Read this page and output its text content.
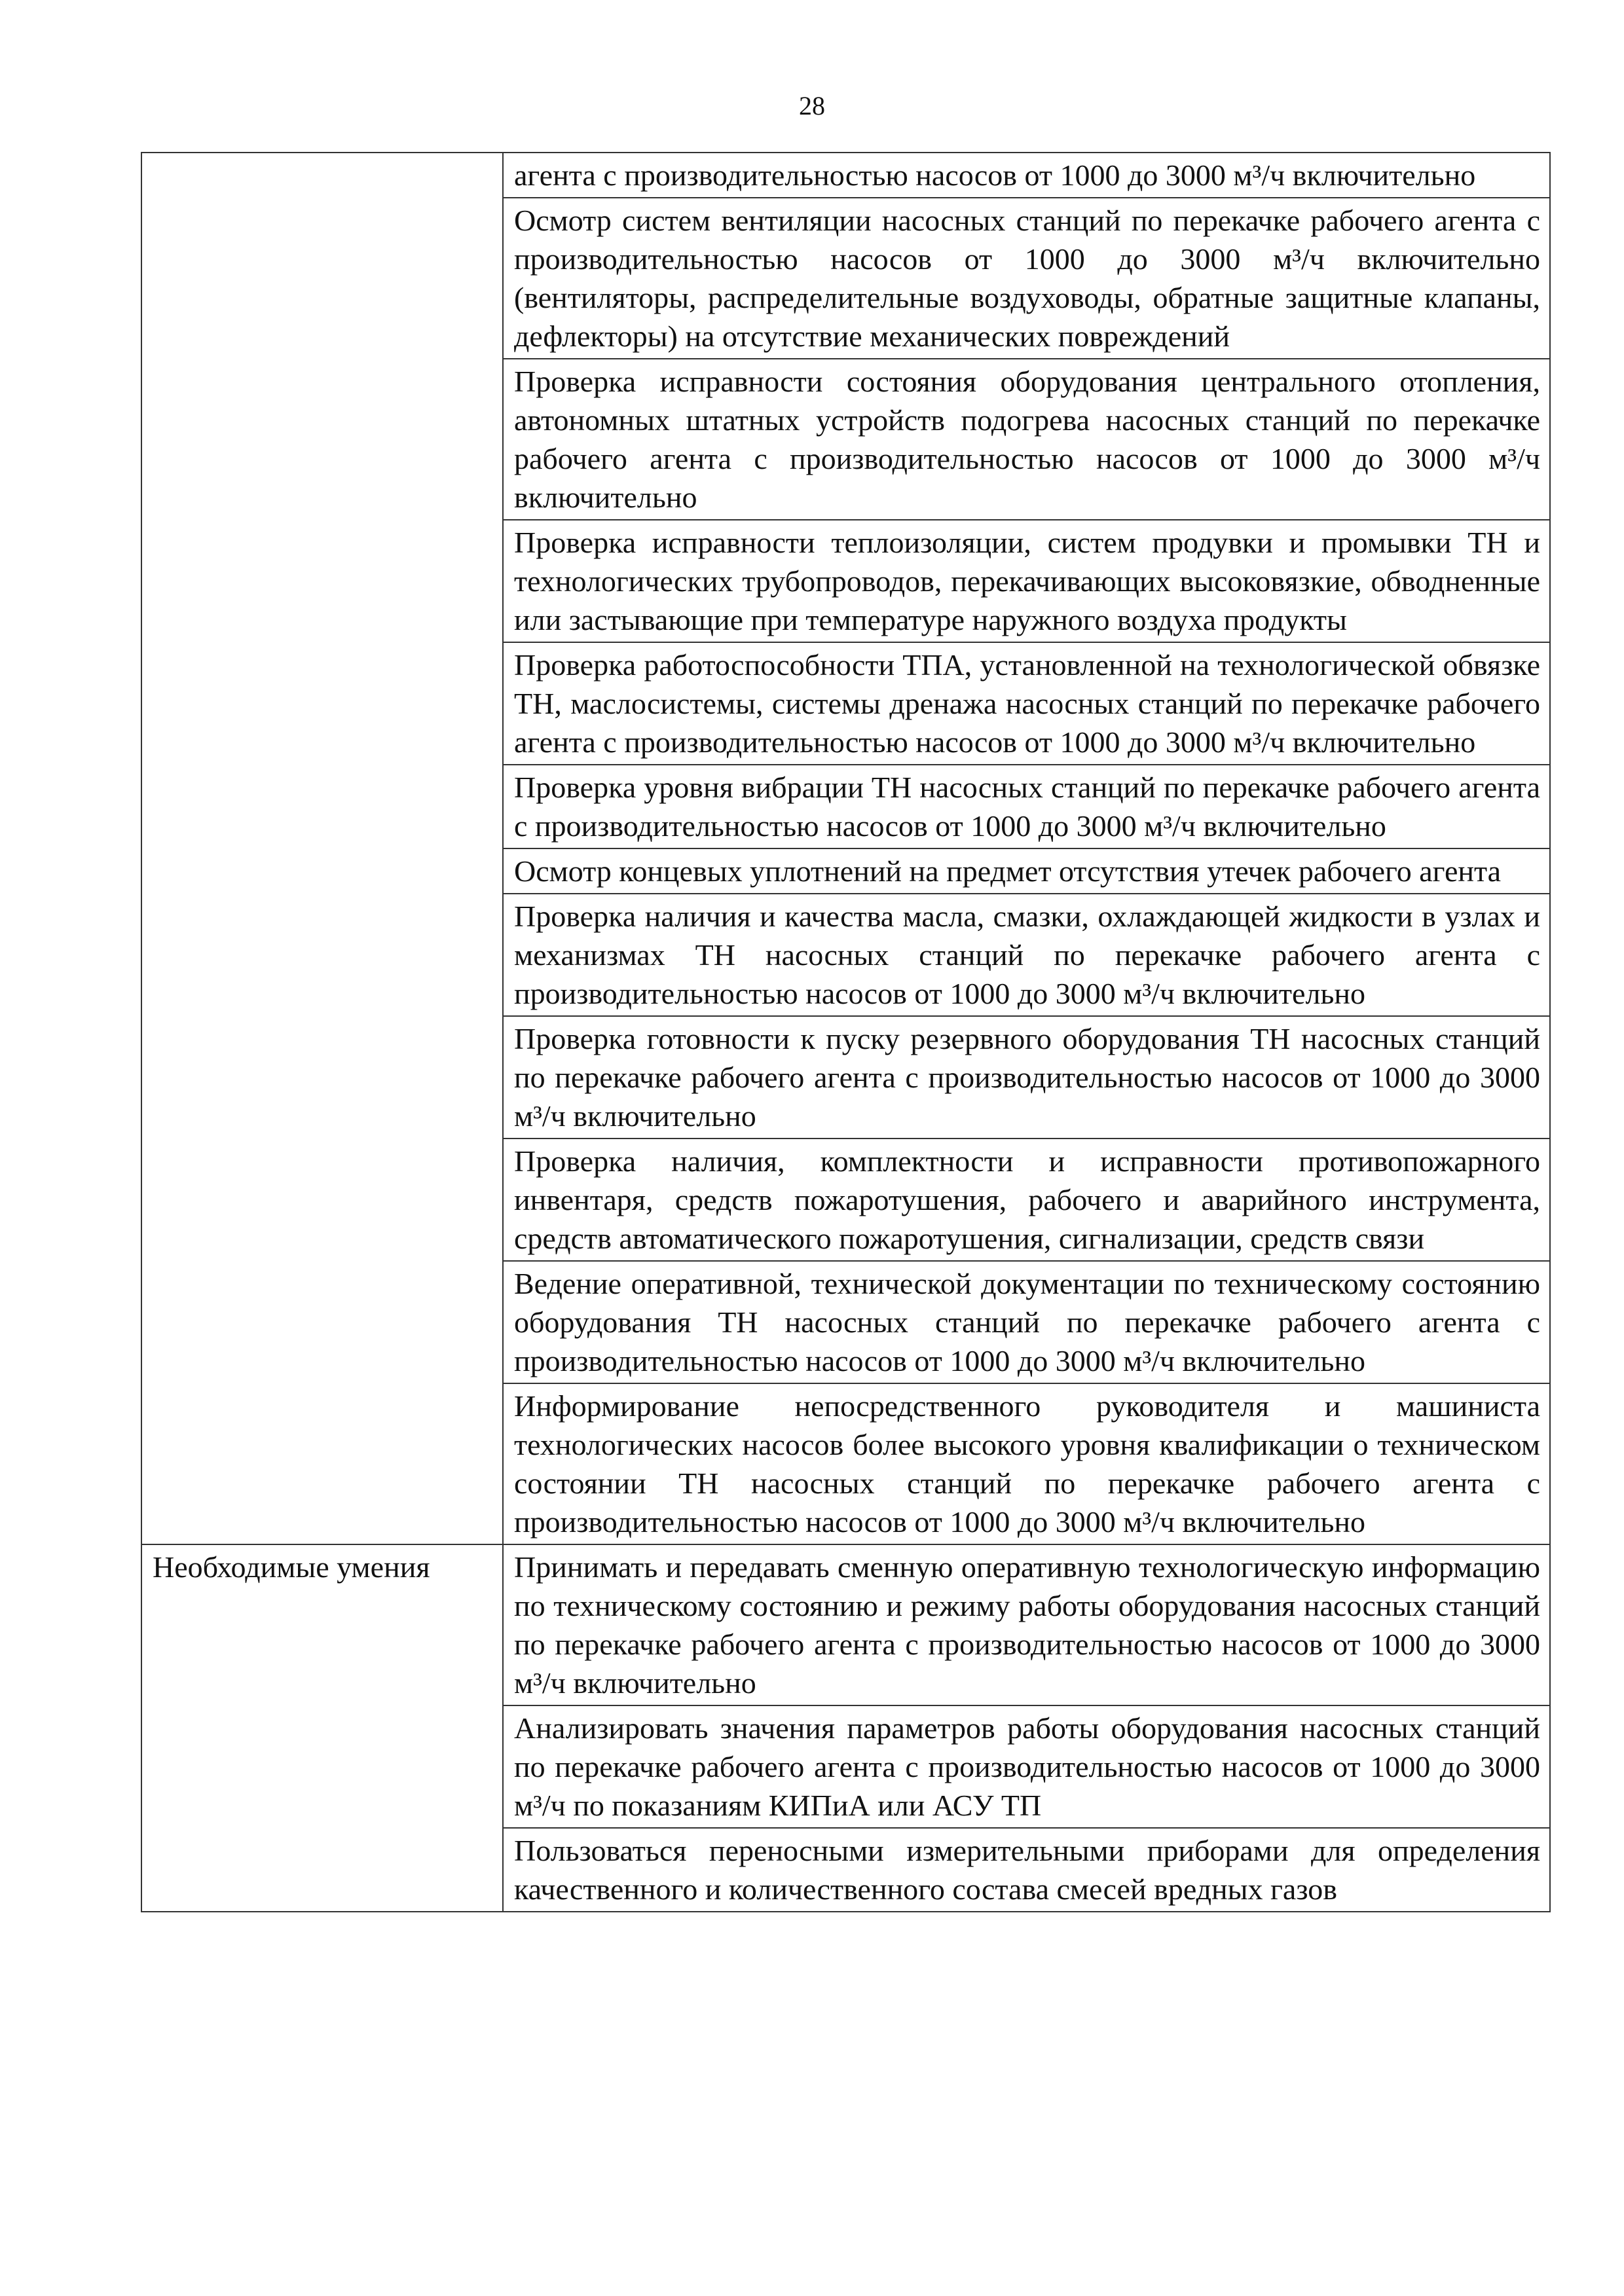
28
	агента с производительностью насосов от 1000 до 3000 м³/ч включительно
	Осмотр систем вентиляции насосных станций по перекачке рабочего агента с производительностью насосов от 1000 до 3000 м³/ч включительно (вентиляторы, распределительные воздуховоды, обратные защитные клапаны, дефлекторы) на отсутствие механических повреждений
	Проверка исправности состояния оборудования центрального отопления, автономных штатных устройств подогрева насосных станций по перекачке рабочего агента с производительностью насосов от 1000 до 3000 м³/ч включительно
	Проверка исправности теплоизоляции, систем продувки и промывки ТН и технологических трубопроводов, перекачивающих высоковязкие, обводненные или застывающие при температуре наружного воздуха продукты
	Проверка работоспособности ТПА, установленной на технологической обвязке ТН, маслосистемы, системы дренажа насосных станций по перекачке рабочего агента с производительностью насосов от 1000 до 3000 м³/ч включительно
	Проверка уровня вибрации ТН насосных станций по перекачке рабочего агента с производительностью насосов от 1000 до 3000 м³/ч включительно
	Осмотр концевых уплотнений на предмет отсутствия утечек рабочего агента
	Проверка наличия и качества масла, смазки, охлаждающей жидкости в узлах и механизмах ТН насосных станций по перекачке рабочего агента с производительностью насосов от 1000 до 3000 м³/ч включительно
	Проверка готовности к пуску резервного оборудования ТН насосных станций по перекачке рабочего агента с производительностью насосов от 1000 до 3000 м³/ч включительно
	Проверка наличия, комплектности и исправности противопожарного инвентаря, средств пожаротушения, рабочего и аварийного инструмента, средств автоматического пожаротушения, сигнализации, средств связи
	Ведение оперативной, технической документации по техническому состоянию оборудования ТН насосных станций по перекачке рабочего агента с производительностью насосов от 1000 до 3000 м³/ч включительно
	Информирование непосредственного руководителя и машиниста технологических насосов более высокого уровня квалификации о техническом состоянии ТН насосных станций по перекачке рабочего агента с производительностью насосов от 1000 до 3000 м³/ч включительно
Необходимые умения	Принимать и передавать сменную оперативную технологическую информацию по техническому состоянию и режиму работы оборудования насосных станций по перекачке рабочего агента с производительностью насосов от 1000 до 3000 м³/ч включительно
	Анализировать значения параметров работы оборудования насосных станций по перекачке рабочего агента с производительностью насосов от 1000 до 3000 м³/ч по показаниям КИПиА или АСУ ТП
	Пользоваться переносными измерительными приборами для определения качественного и количественного состава смесей вредных газов
